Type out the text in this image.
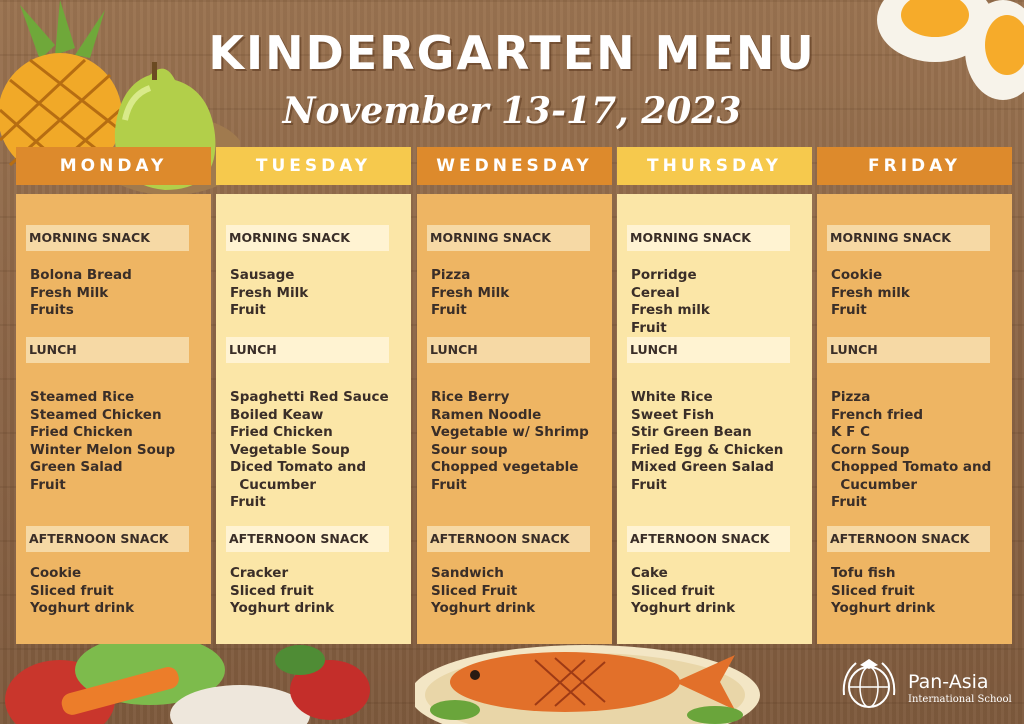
KINDERGARTEN MENU
November 13-17, 2023
MONDAY
MORNING SNACK
Bolona Bread
Fresh Milk
Fruits
LUNCH
Steamed Rice
Steamed Chicken
Fried Chicken
Winter Melon Soup
Green Salad
Fruit
AFTERNOON SNACK
Cookie
Sliced fruit
Yoghurt drink
TUESDAY
MORNING SNACK
Sausage
Fresh Milk
Fruit
LUNCH
Spaghetti Red Sauce
Boiled Keaw
Fried Chicken
Vegetable Soup
Diced Tomato and
Cucumber
Fruit
AFTERNOON SNACK
Cracker
Sliced fruit
Yoghurt drink
WEDNESDAY
MORNING SNACK
Pizza
Fresh Milk
Fruit
LUNCH
Rice Berry
Ramen Noodle
Vegetable w/ Shrimp
Sour soup
Chopped vegetable
Fruit
AFTERNOON SNACK
Sandwich
Sliced Fruit
Yoghurt drink
THURSDAY
MORNING SNACK
Porridge
Cereal
Fresh milk
Fruit
LUNCH
White Rice
Sweet Fish
Stir Green Bean
Fried Egg & Chicken
Mixed Green Salad
Fruit
AFTERNOON SNACK
Cake
Sliced fruit
Yoghurt drink
FRIDAY
MORNING SNACK
Cookie
Fresh milk
Fruit
LUNCH
Pizza
French fried
K F C
Corn Soup
Chopped Tomato and
Cucumber
Fruit
AFTERNOON SNACK
Tofu fish
Sliced fruit
Yoghurt drink
Pan-Asia
International School
